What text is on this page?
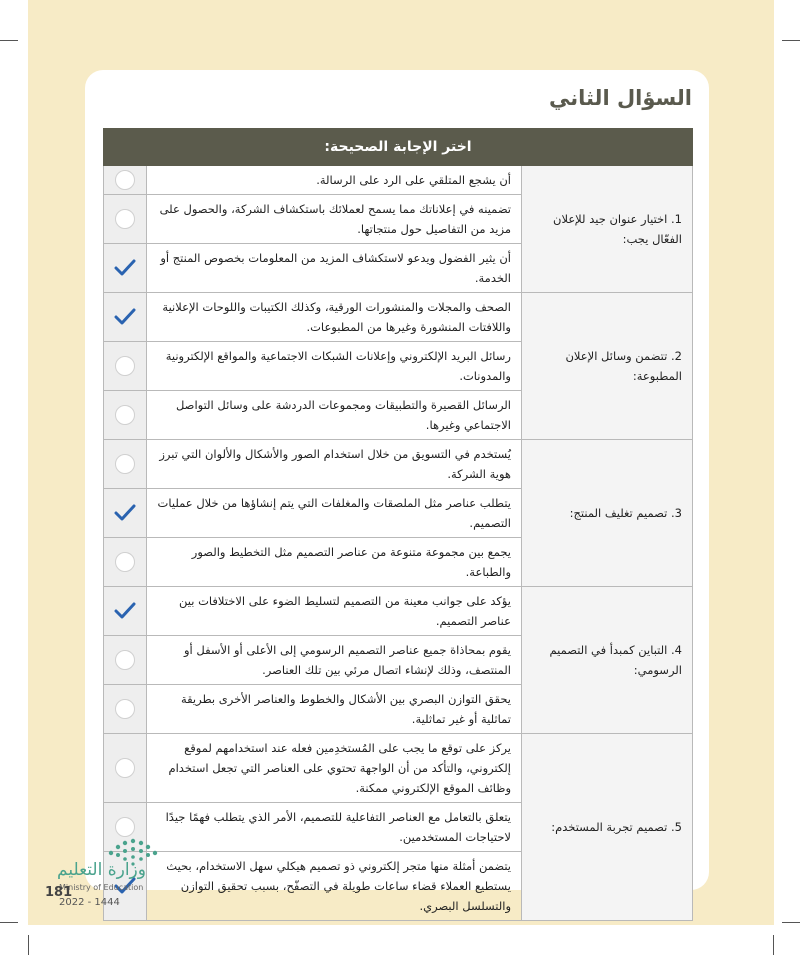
السؤال الثاني
اختر الإجابة الصحيحة:		
1. اختيار عنوان جيد للإعلان الفعّال يجب:	أن يشجع المتلقي على الرد على الرسالة.	
	تضمينه في إعلاناتك مما يسمح لعملائك باستكشاف الشركة، والحصول على مزيد من التفاصيل حول منتجاتها.	
	أن يثير الفضول ويدعو لاستكشاف المزيد من المعلومات بخصوص المنتج أو الخدمة.	

2. تتضمن وسائل الإعلان المطبوعة:	الصحف والمجلات والمنشورات الورقية، وكذلك الكتيبات واللوحات الإعلانية واللافتات المنشورة وغيرها من المطبوعات.	

	رسائل البريد الإلكتروني وإعلانات الشبكات الاجتماعية والمواقع الإلكترونية والمدونات.	
	الرسائل القصيرة والتطبيقات ومجموعات الدردشة على وسائل التواصل الاجتماعي وغيرها.	
3. تصميم تغليف المنتج:	يُستخدم في التسويق من خلال استخدام الصور والأشكال والألوان التي تبرز هوية الشركة.	
	يتطلب عناصر مثل الملصقات والمغلفات التي يتم إنشاؤها من خلال عمليات التصميم.	

	يجمع بين مجموعة متنوعة من عناصر التصميم مثل التخطيط والصور والطباعة.	
4. التباين كمبدأ في التصميم الرسومي:	يؤكد على جوانب معينة من التصميم لتسليط الضوء على الاختلافات بين عناصر التصميم.	

	يقوم بمحاذاة جميع عناصر التصميم الرسومي إلى الأعلى أو الأسفل أو المنتصف، وذلك لإنشاء اتصال مرئي بين تلك العناصر.	
	يحقق التوازن البصري بين الأشكال والخطوط والعناصر الأخرى بطريقة تماثلية أو غير تماثلية.	
5. تصميم تجربة المستخدم:	يركز على توقع ما يجب على المُستخدِمين فعله عند استخدامهم لموقع إلكتروني، والتأكد من أن الواجهة تحتوي على العناصر التي تجعل استخدام وظائف الموقع الإلكتروني ممكنة.	
	يتعلق بالتعامل مع العناصر التفاعلية للتصميم، الأمر الذي يتطلب فهمًا جيدًا لاحتياجات المستخدمين.	
	يتضمن أمثلة منها متجر إلكتروني ذو تصميم هيكلي سهل الاستخدام، بحيث يستطيع العملاء قضاء ساعات طويلة في التصفّح، بسبب تحقيق التوازن والتسلسل البصري.	
وزارة التعليم
Ministry of Education
181
2022 - 1444
